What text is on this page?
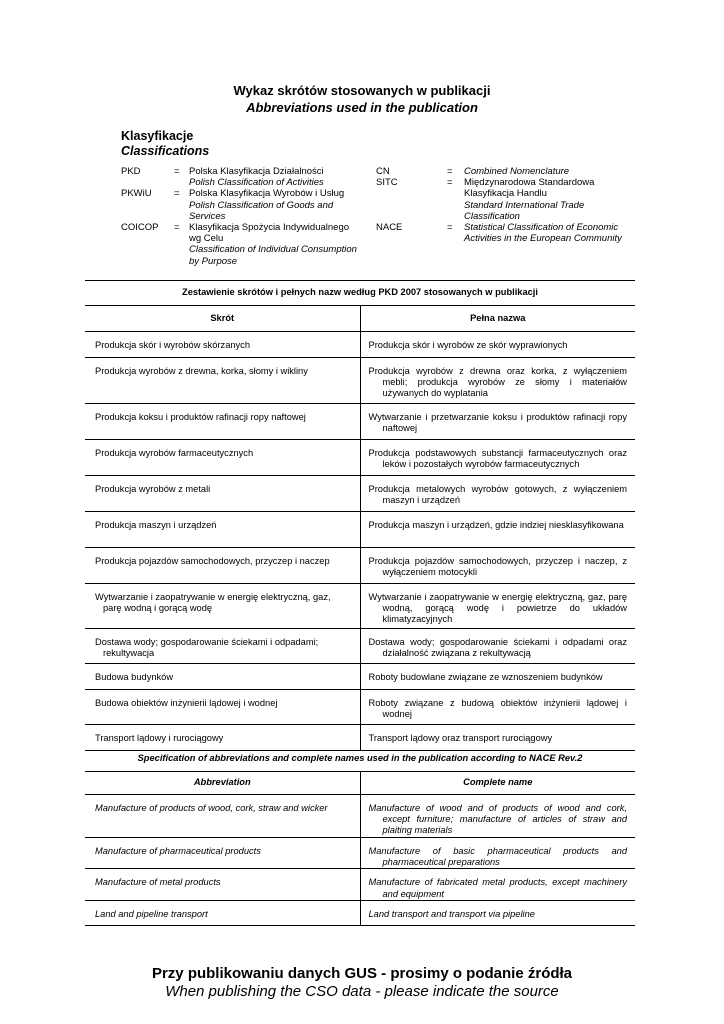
Wykaz skrótów stosowanych w publikacji
Abbreviations used in the publication
Klasyfikacje
Classifications
PKD	= Polska Klasyfikacja Działalności
Polish Classification of Activities
PKWiU	= Polska Klasyfikacja Wyrobów i Usług
Polish Classification of Goods and Services
COICOP	= Klasyfikacja Spożycia Indywidualnego wg Celu
Classification of Individual Consumption by Purpose
CN	=	Combined Nomenclature
SITC	=	Międzynarodowa Standardowa Klasyfikacja Handlu
Standard International Trade Classification
NACE	=	Statistical Classification of Economic Activities in the European Community
Zestawienie skrótów i pełnych nazw według PKD 2007 stosowanych w publikacji	
Skrót	Pełna nazwa

Produkcja skór i wyrobów skórzanych	Produkcja skór i wyrobów ze skór wyprawionych

Produkcja wyrobów z drewna, korka, słomy i wikliny	Produkcja wyrobów z drewna oraz korka, z wyłączeniem mebli; produkcja wyrobów ze słomy i materiałów używanych do wyplatania

Produkcja koksu i produktów rafinacji ropy naftowej	Wytwarzanie i przetwarzanie koksu i produktów rafinacji ropy naftowej

Produkcja wyrobów farmaceutycznych	Produkcja podstawowych substancji farmaceutycznych oraz leków i pozostałych wyrobów farmaceutycznych

Produkcja wyrobów z metali	Produkcja metalowych wyrobów gotowych, z wyłączeniem maszyn i urządzeń

Produkcja maszyn i urządzeń	Produkcja maszyn i urządzeń, gdzie indziej niesklasyfikowana

Produkcja pojazdów samochodowych, przyczep i naczep	Produkcja pojazdów samochodowych, przyczep i naczep, z wyłączeniem motocykli

Wytwarzanie i zaopatrywanie w energię elektryczną, gaz, parę wodną i gorącą wodę	Wytwarzanie i zaopatrywanie w energię elektryczną, gaz, parę wodną, gorącą wodę i powietrze do układów klimatyzacyjnych

Dostawa wody; gospodarowanie ściekami i odpadami; rekultywacja	Dostawa wody; gospodarowanie ściekami i odpadami oraz działalność związana z rekultywacją

Budowa budynków	Roboty budowlane związane ze wznoszeniem budynków

Budowa obiektów inżynierii lądowej i wodnej	Roboty związane z budową obiektów inżynierii lądowej i wodnej

Transport lądowy i rurociągowy	Transport lądowy oraz transport rurociągowy
Specification of abbreviations and complete names used in the publication according to NACE Rev.2	
Abbreviation	Complete name

Manufacture of products of wood, cork, straw and wicker	Manufacture of wood and of products of wood and cork, except furniture; manufacture of articles of straw and plaiting materials

Manufacture of pharmaceutical products	Manufacture of basic pharmaceutical products and pharmaceutical preparations

Manufacture of metal products	Manufacture of fabricated metal products, except machinery and equipment

Land and pipeline transport	Land transport and transport via pipeline
Przy publikowaniu danych GUS - prosimy o podanie źródła
When publishing the CSO data - please indicate the source
